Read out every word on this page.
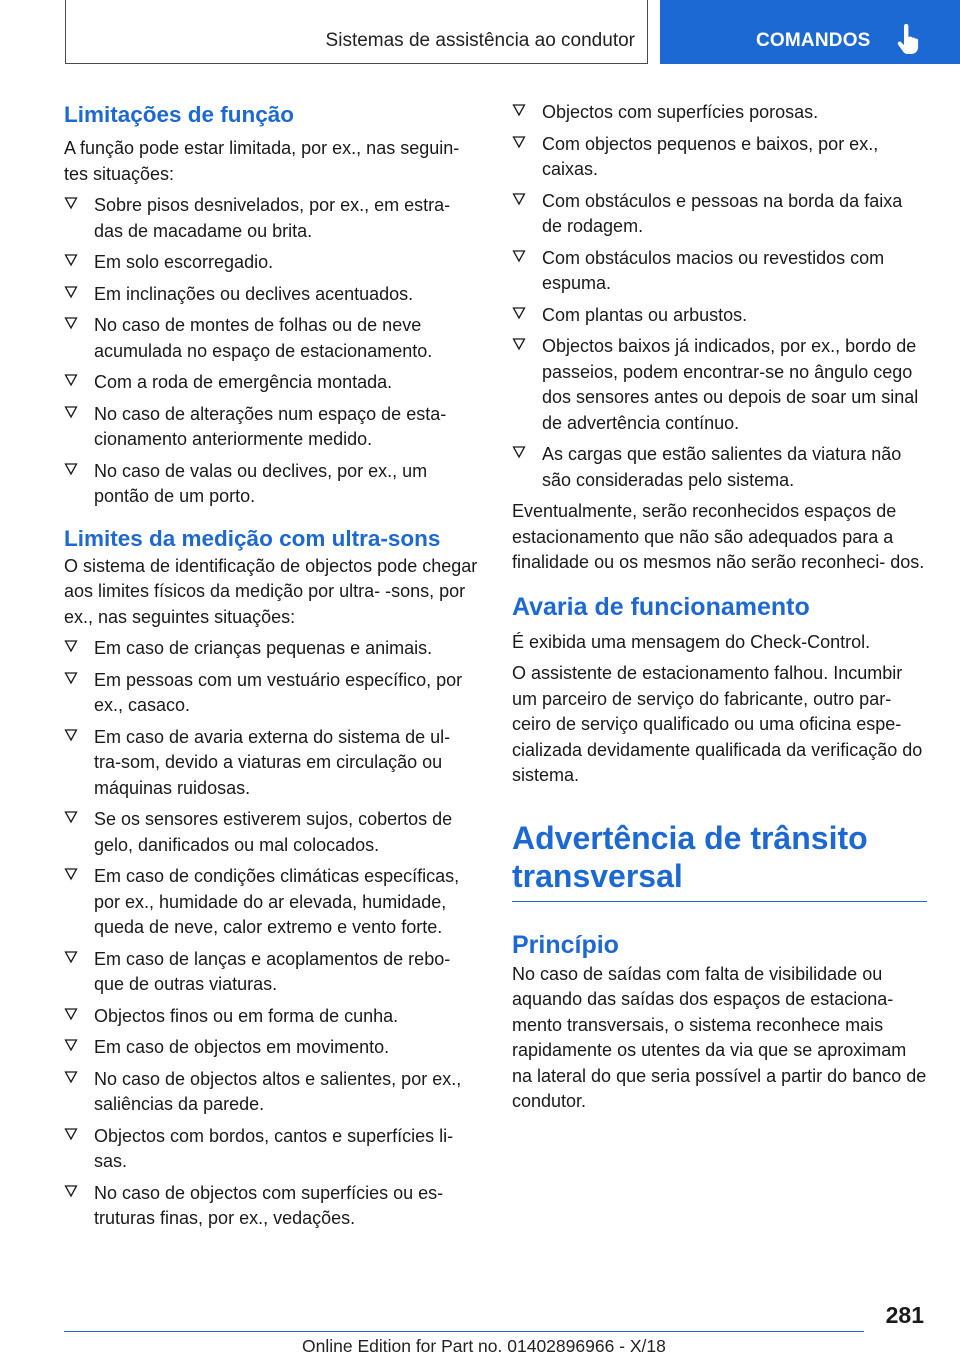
Sistemas de assistência ao condutor	COMANDOS
Limitações de função

A função pode estar limitada, por ex., nas seguin‐ tes situações:

Sobre pisos desnivelados, por ex., em estra‐ das de macadame ou brita.
Em solo escorregadio.
Em inclinações ou declives acentuados.
No caso de montes de folhas ou de neve acumulada no espaço de estacionamento.
Com a roda de emergência montada.
No caso de alterações num espaço de esta‐ cionamento anteriormente medido.
No caso de valas ou declives, por ex., um pontão de um porto.
Limites da medição com ultra-sons

O sistema de identificação de objectos pode chegar aos limites físicos da medição por ultra‐ ‑sons, por ex., nas seguintes situações:

Em caso de crianças pequenas e animais.
Em pessoas com um vestuário específico, por ex., casaco.
Em caso de avaria externa do sistema de ul‐ tra-som, devido a viaturas em circulação ou máquinas ruidosas.
Se os sensores estiverem sujos, cobertos de gelo, danificados ou mal colocados.
Em caso de condições climáticas específicas, por ex., humidade do ar elevada, humidade, queda de neve, calor extremo e vento forte.
Em caso de lanças e acoplamentos de rebo‐ que de outras viaturas.
Objectos finos ou em forma de cunha.
Em caso de objectos em movimento.
No caso de objectos altos e salientes, por ex., saliências da parede.
Objectos com bordos, cantos e superfícies li‐ sas.
No caso de objectos com superfícies ou es‐ truturas finas, por ex., vedações.
Objectos com superfícies porosas.
Com objectos pequenos e baixos, por ex., caixas.
Com obstáculos e pessoas na borda da faixa de rodagem.
Com obstáculos macios ou revestidos com espuma.
Com plantas ou arbustos.
Objectos baixos já indicados, por ex., bordo de passeios, podem encontrar-se no ângulo cego dos sensores antes ou depois de soar um sinal de advertência contínuo.
As cargas que estão salientes da viatura não são consideradas pelo sistema.

Eventualmente, serão reconhecidos espaços de estacionamento que não são adequados para a finalidade ou os mesmos não serão reconheci‐ dos.

Avaria de funcionamento

É exibida uma mensagem do Check-Control.

O assistente de estacionamento falhou. Incumbir um parceiro de serviço do fabricante, outro par‐ ceiro de serviço qualificado ou uma oficina espe‐ cializada devidamente qualificada da verificação do sistema.

Advertência de trânsito transversal
Princípio

No caso de saídas com falta de visibilidade ou aquando das saídas dos espaços de estaciona‐ mento transversais, o sistema reconhece mais rapidamente os utentes da via que se aproximam na lateral do que seria possível a partir do banco de condutor.

281
Online Edition for Part no. 01402896966 - X/18
